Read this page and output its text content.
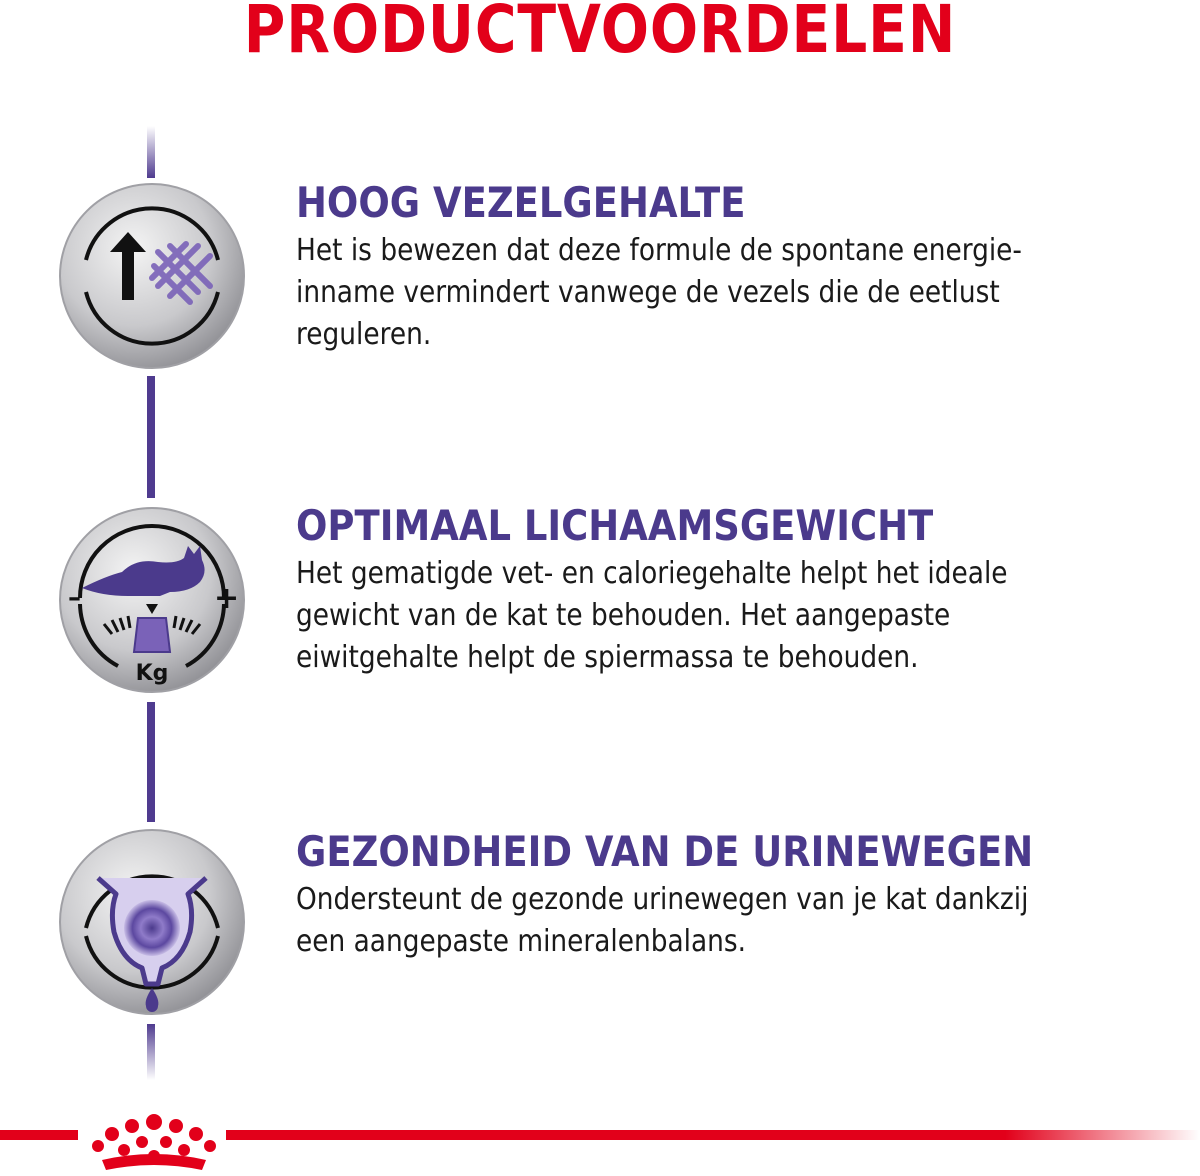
PRODUCTVOORDELEN
–	+
Kg
HOOG VEZELGEHALTE

Het is bewezen dat deze formule de spontane energie-
inname vermindert vanwege de vezels die de eetlust
reguleren.

OPTIMAAL LICHAAMSGEWICHT

Het gematigde vet- en caloriegehalte helpt het ideale
gewicht van de kat te behouden. Het aangepaste
eiwitgehalte helpt de spiermassa te behouden.

GEZONDHEID VAN DE URINEWEGEN

Ondersteunt de gezonde urinewegen van je kat dankzij
een aangepaste mineralenbalans.
